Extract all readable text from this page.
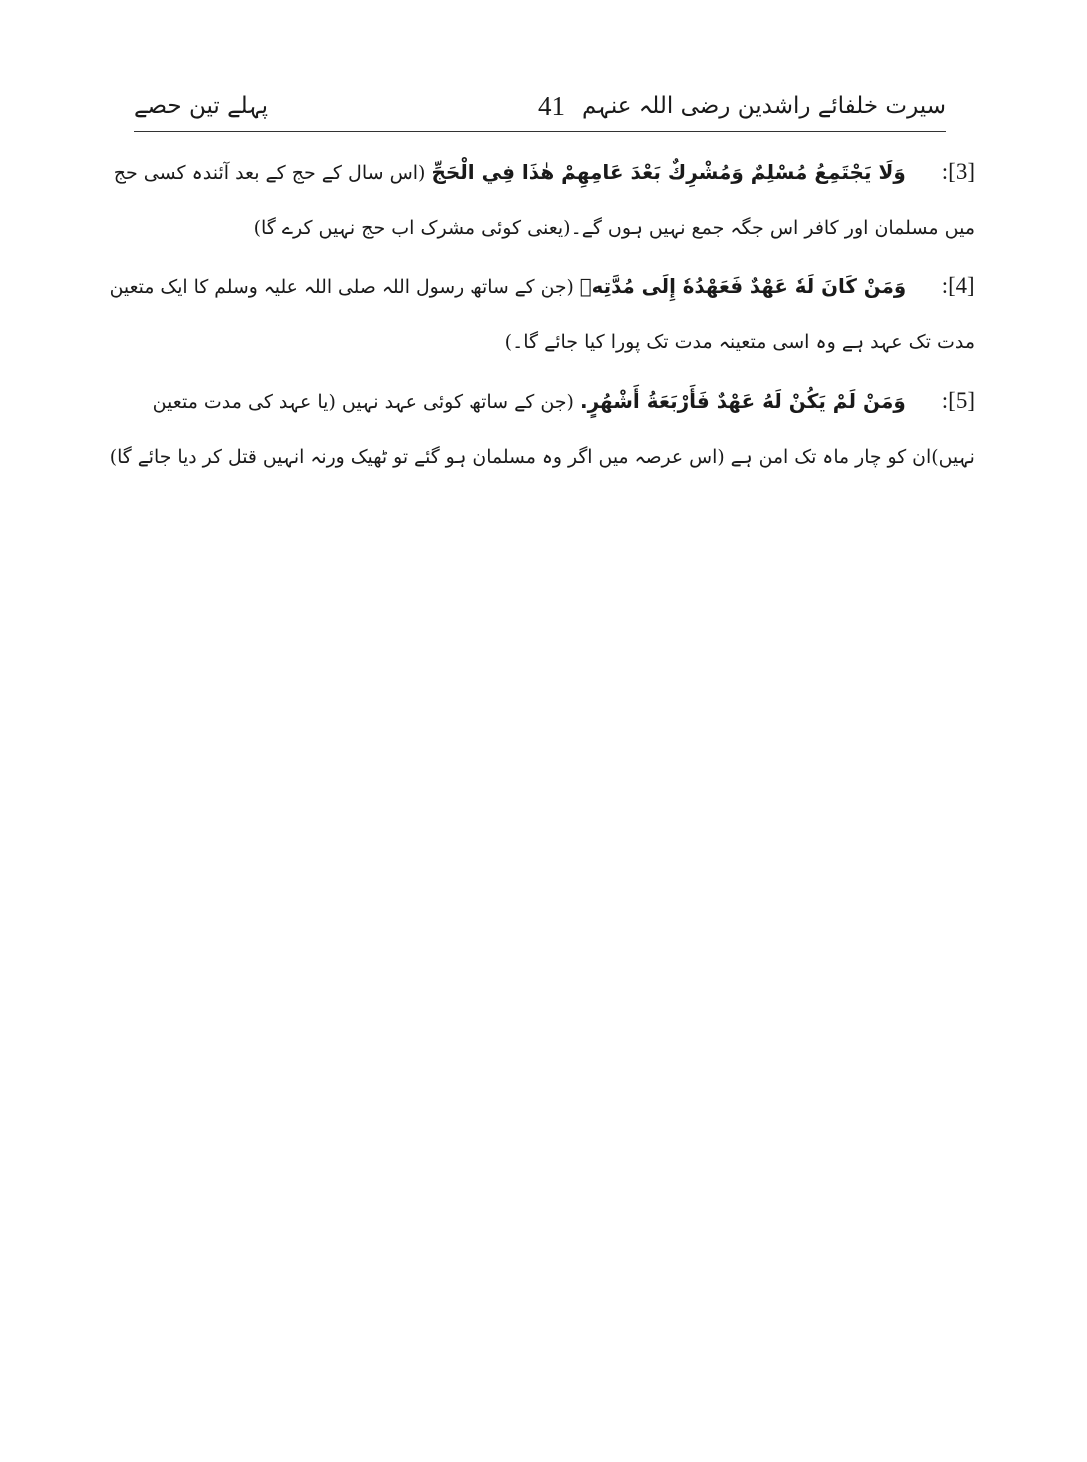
سیرت خلفائے راشدین رضی اللہ عنہم
41
پہلے تین حصے
[3]:وَلَا يَجْتَمِعُ مُسْلِمٌ وَمُشْرِكٌ بَعْدَ عَامِهِمْ هٰذَا فِي الْحَجِّ(اس سال کے حج کے بعد آئندہ کسی حج
میں مسلمان اور کافر اس جگہ جمع نہیں ہوں گے۔(یعنی کوئی مشرک اب حج نہیں کرے گا)
[4]:وَمَنْ كَانَ لَهٗ عَهْدٌ فَعَهْدُهٗ إِلَى مُدَّتِهٖ(جن کے ساتھ رسول اللہ صلی اللہ علیہ وسلم کا ایک متعین
مدت تک عہد ہے وہ اسی متعینہ مدت تک پورا کیا جائے گا۔)
[5]:وَمَنْ لَمْ يَكُنْ لَهُ عَهْدٌ فَأَرْبَعَةُ أَشْهُرٍ.(جن کے ساتھ کوئی عہد نہیں (یا عہد کی مدت متعین
نہیں)ان کو چار ماہ تک امن ہے (اس عرصہ میں اگر وہ مسلمان ہو گئے تو ٹھیک ورنہ انہیں قتل کر دیا جائے گا)
